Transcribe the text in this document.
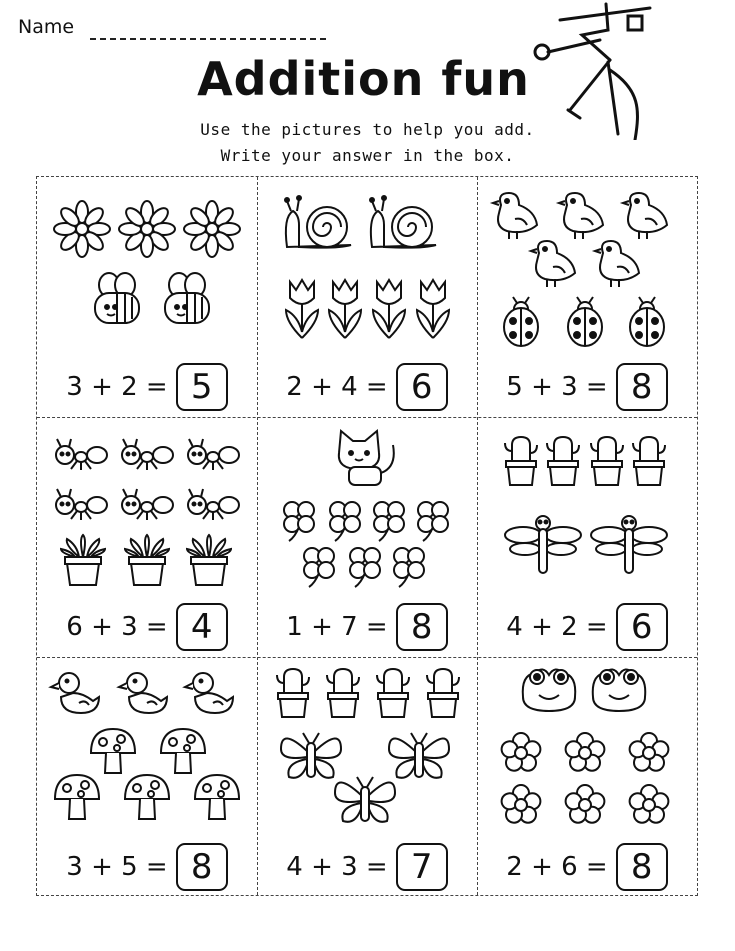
Name
Addition fun
Use the pictures to help you add.
Write your answer in the box.
3 + 2 = 5	2 + 4 = 6	5 + 3 = 8
6 + 3 = 4	1 + 7 = 8	4 + 2 = 6
3 + 5 = 8	4 + 3 = 7	2 + 6 = 8
